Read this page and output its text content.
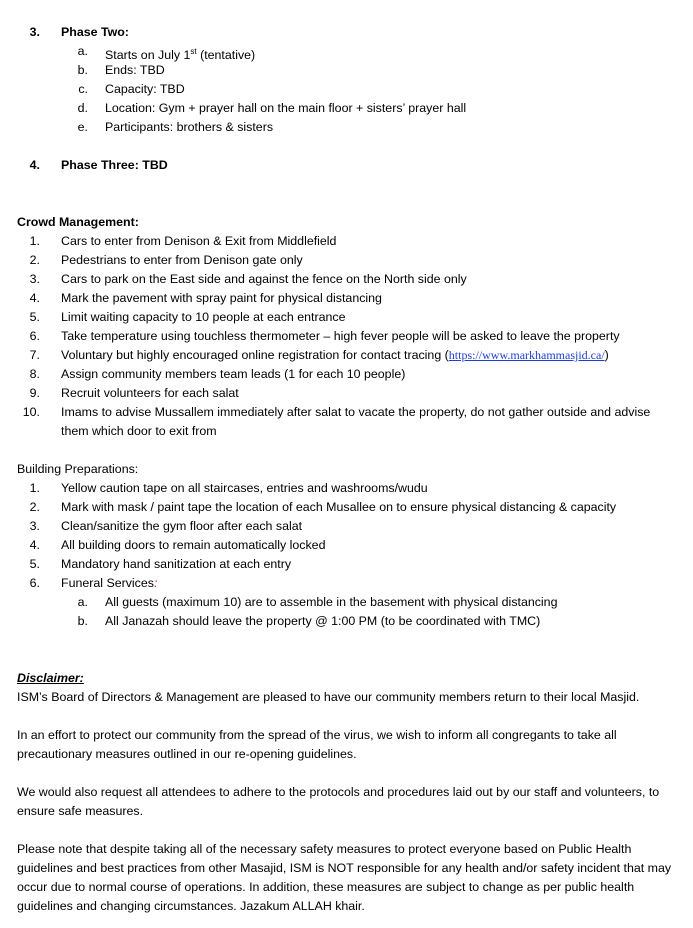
3. Phase Two:
a. Starts on July 1st (tentative)
b. Ends: TBD
c. Capacity: TBD
d. Location: Gym + prayer hall on the main floor + sisters’ prayer hall
e. Participants: brothers & sisters
4. Phase Three: TBD
Crowd Management:
1. Cars to enter from Denison & Exit from Middlefield
2. Pedestrians to enter from Denison gate only
3. Cars to park on the East side and against the fence on the North side only
4. Mark the pavement with spray paint for physical distancing
5. Limit waiting capacity to 10 people at each entrance
6. Take temperature using touchless thermometer – high fever people will be asked to leave the property
7. Voluntary but highly encouraged online registration for contact tracing (https://www.markhammasjid.ca/)
8. Assign community members team leads (1 for each 10 people)
9. Recruit volunteers for each salat
10. Imams to advise Mussallem immediately after salat to vacate the property, do not gather outside and advise
them which door to exit from
Building Preparations:
1. Yellow caution tape on all staircases, entries and washrooms/wudu
2. Mark with mask / paint tape the location of each Musallee on to ensure physical distancing & capacity
3. Clean/sanitize the gym floor after each salat
4. All building doors to remain automatically locked
5. Mandatory hand sanitization at each entry
6. Funeral Services:
a. All guests (maximum 10) are to assemble in the basement with physical distancing
b. All Janazah should leave the property @ 1:00 PM (to be coordinated with TMC)
Disclaimer:
ISM’s Board of Directors & Management are pleased to have our community members return to their local Masjid.
In an effort to protect our community from the spread of the virus, we wish to inform all congregants to take all precautionary measures outlined in our re-opening guidelines.
We would also request all attendees to adhere to the protocols and procedures laid out by our staff and volunteers, to ensure safe measures.
Please note that despite taking all of the necessary safety measures to protect everyone based on Public Health guidelines and best practices from other Masajid, ISM is NOT responsible for any health and/or safety incident that may occur due to normal course of operations. In addition, these measures are subject to change as per public health guidelines and changing circumstances. Jazakum ALLAH khair.
